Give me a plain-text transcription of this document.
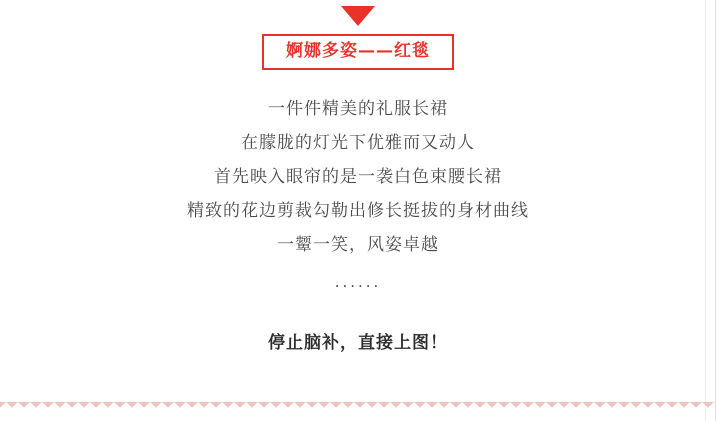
婀娜多姿——红毯
一件件精美的礼服长裙
在朦胧的灯光下优雅而又动人
首先映入眼帘的是一袭白色束腰长裙
精致的花边剪裁勾勒出修长挺拔的身材曲线
一颦一笑，风姿卓越
......
停止脑补，直接上图！
